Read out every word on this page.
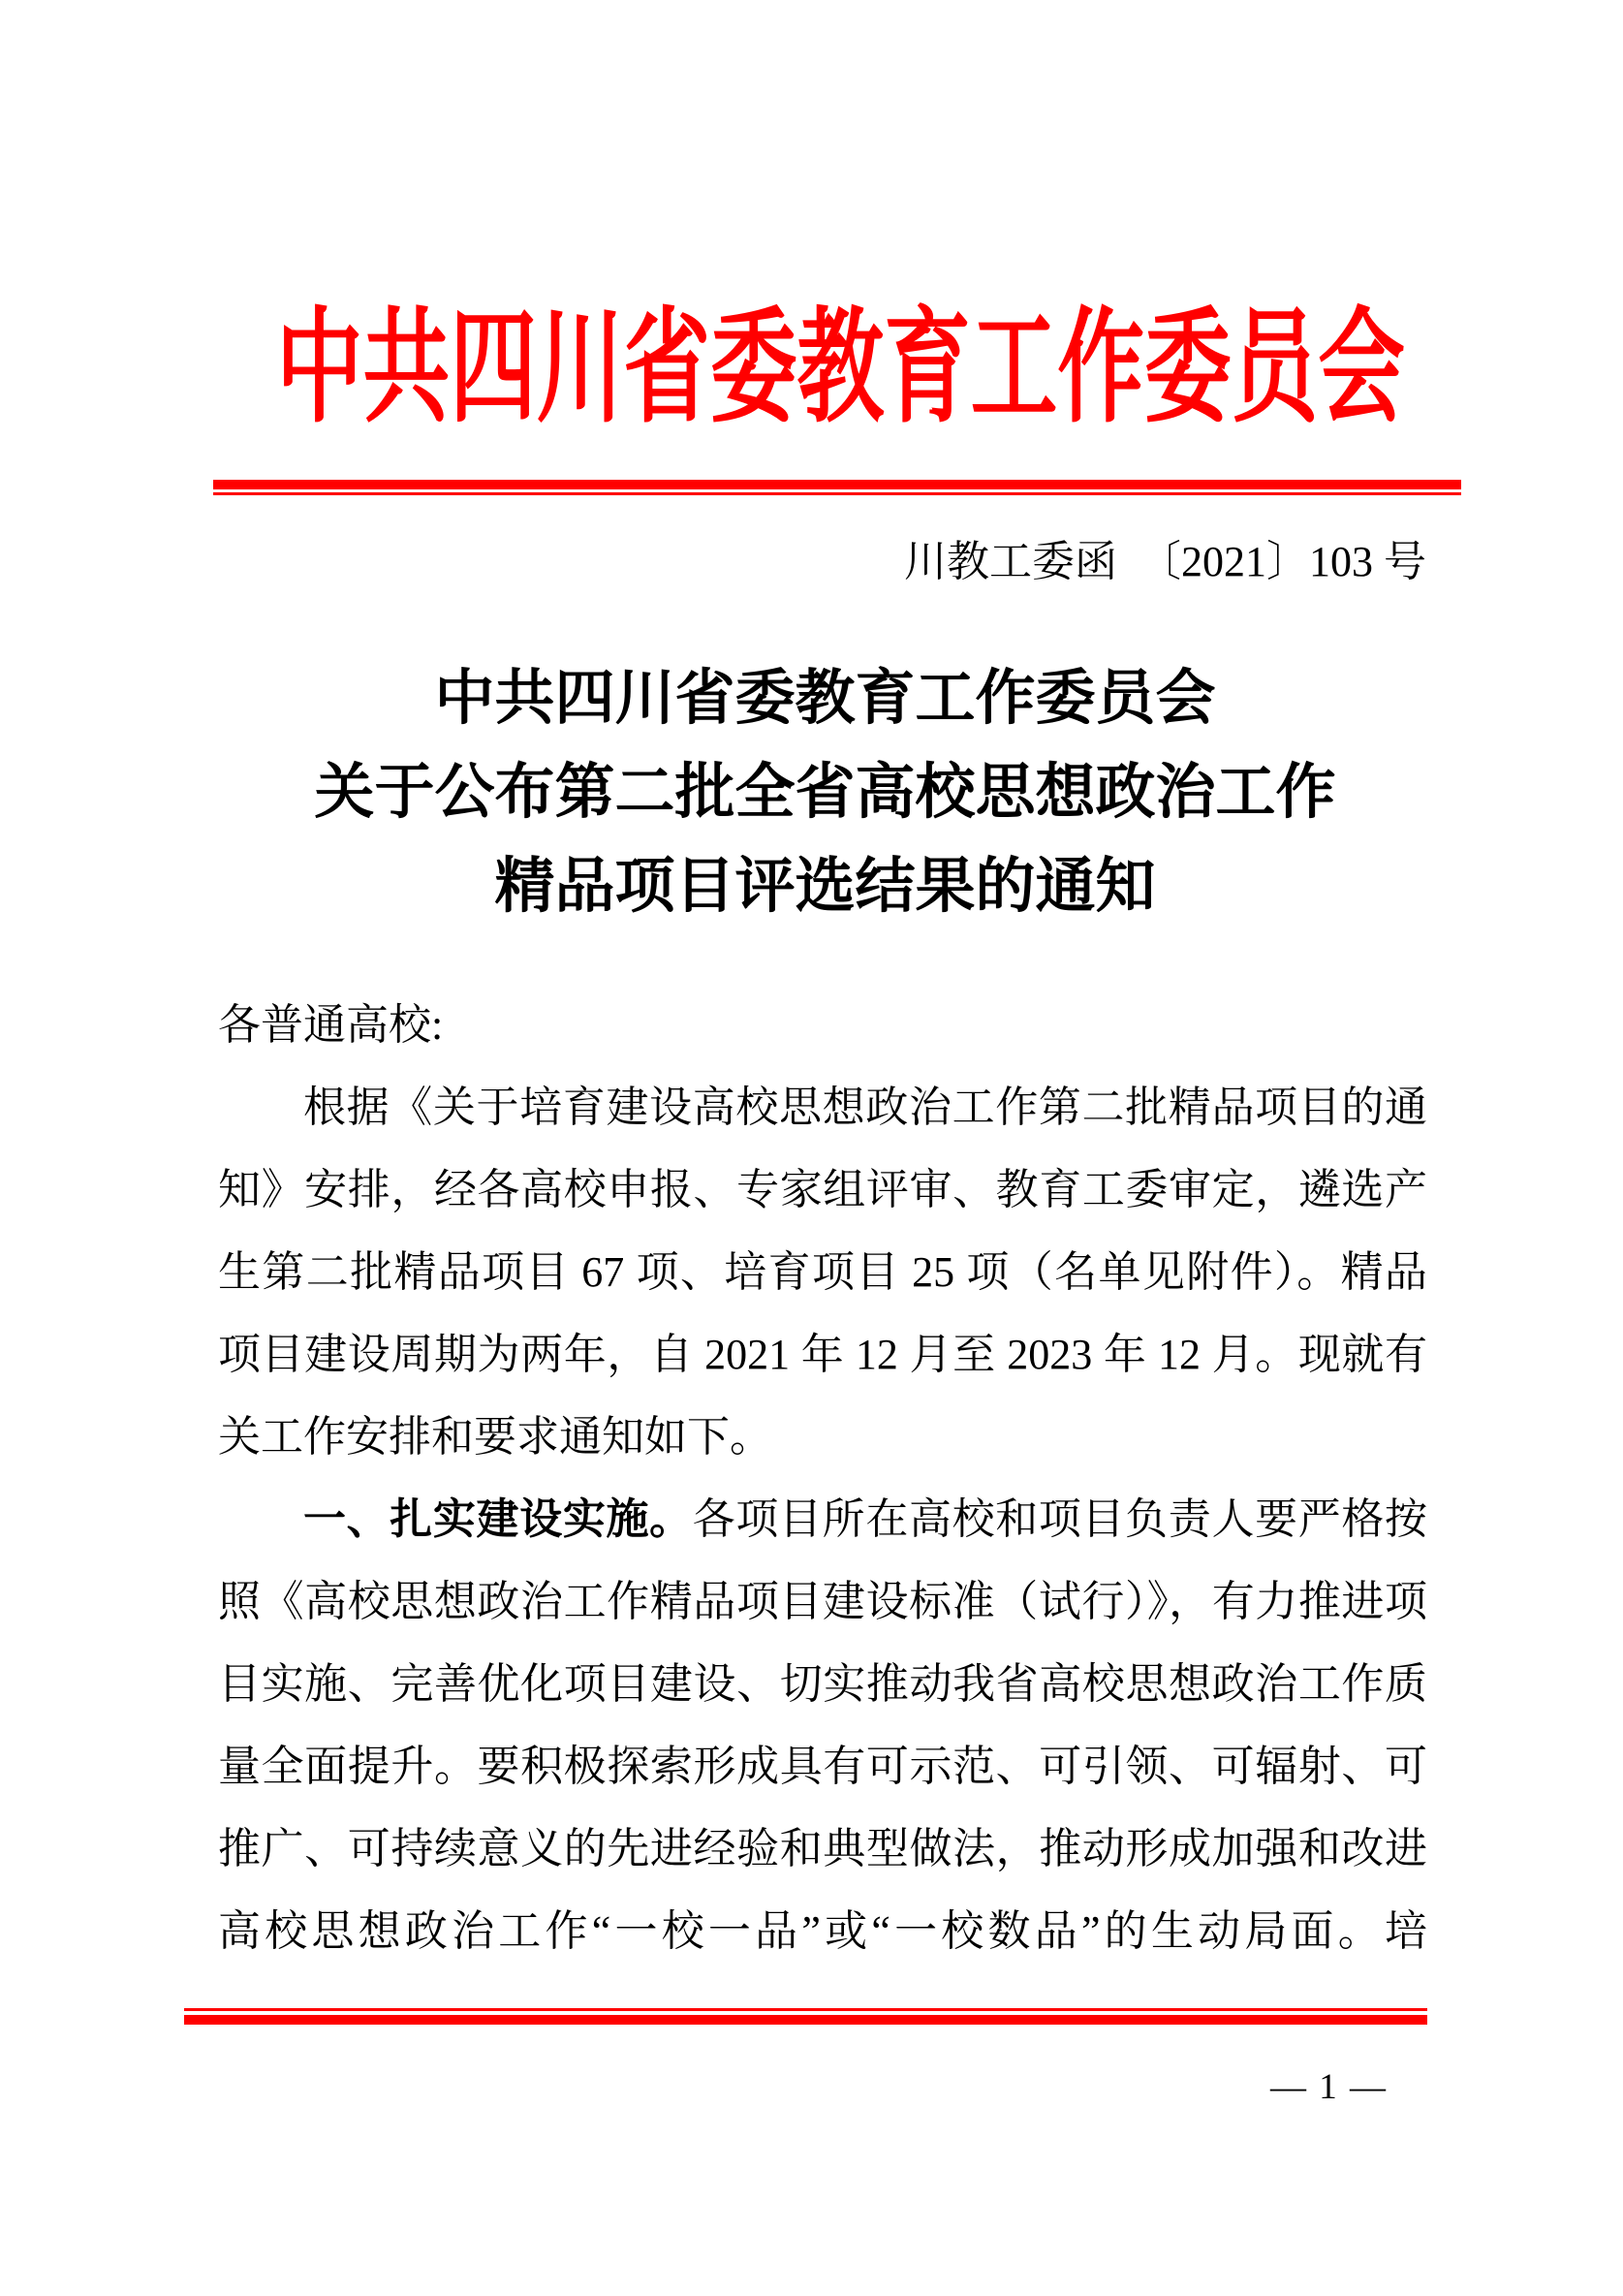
中共四川省委教育工作委员会
川教工委函　〔2021〕103 号
中共四川省委教育工作委员会
关于公布第二批全省高校思想政治工作
精品项目评选结果的通知
各普通高校:
根据《关于培育建设高校思想政治工作第二批精品项目的通
知》安排，经各高校申报、专家组评审、教育工委审定，遴选产
生第二批精品项目 67 项、培育项目 25 项（名单见附件）。精品
项目建设周期为两年，自 2021 年 12 月至 2023 年 12 月。现就有
关工作安排和要求通知如下。
一、扎实建设实施。各项目所在高校和项目负责人要严格按
照《高校思想政治工作精品项目建设标准（试行）》，有力推进项
目实施、完善优化项目建设、切实推动我省高校思想政治工作质
量全面提升。要积极探索形成具有可示范、可引领、可辐射、可
推广、可持续意义的先进经验和典型做法，推动形成加强和改进
高校思想政治工作“一校一品”或“一校数品”的生动局面。培
— 1 —
